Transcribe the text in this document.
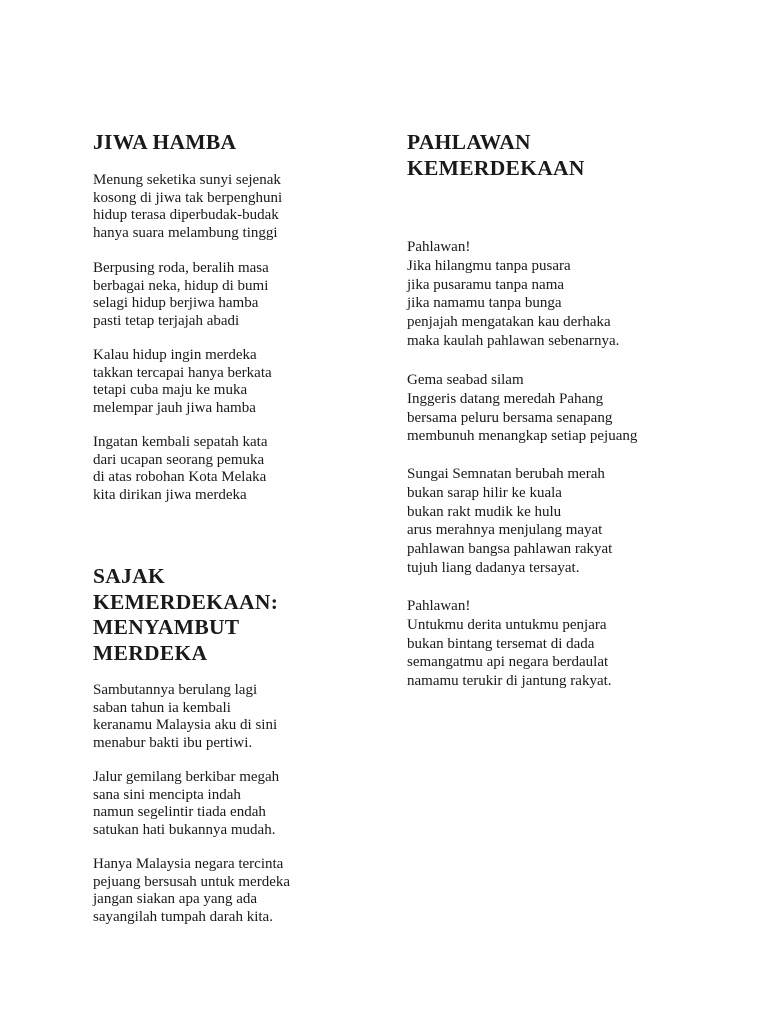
JIWA HAMBA
Menung seketika sunyi sejenak
kosong di jiwa tak berpenghuni
hidup terasa diperbudak-budak
hanya suara melambung tinggi
Berpusing roda, beralih masa
berbagai neka, hidup di bumi
selagi hidup berjiwa hamba
pasti tetap terjajah abadi
Kalau hidup ingin merdeka
takkan tercapai hanya berkata
tetapi cuba maju ke muka
melempar jauh jiwa hamba
Ingatan kembali sepatah kata
dari ucapan seorang pemuka
di atas robohan Kota Melaka
kita dirikan jiwa merdeka
SAJAK
KEMERDEKAAN:
MENYAMBUT
MERDEKA
Sambutannya berulang lagi
saban tahun ia kembali
keranamu Malaysia aku di sini
menabur bakti ibu pertiwi.
Jalur gemilang berkibar megah
sana sini mencipta indah
namun segelintir tiada endah
satukan hati bukannya mudah.
Hanya Malaysia negara tercinta
pejuang bersusah untuk merdeka
jangan siakan apa yang ada
sayangilah tumpah darah kita.
PAHLAWAN
KEMERDEKAAN
Pahlawan!
Jika hilangmu tanpa pusara
jika pusaramu tanpa nama
jika namamu tanpa bunga
penjajah mengatakan kau derhaka
maka kaulah pahlawan sebenarnya.
Gema seabad silam
Inggeris datang meredah Pahang
bersama peluru bersama senapang
membunuh menangkap setiap pejuang
Sungai Semnatan berubah merah
bukan sarap hilir ke kuala
bukan rakt mudik ke hulu
arus merahnya menjulang mayat
pahlawan bangsa pahlawan rakyat
tujuh liang dadanya tersayat.
Pahlawan!
Untukmu derita untukmu penjara
bukan bintang tersemat di dada
semangatmu api negara berdaulat
namamu terukir di jantung rakyat.
